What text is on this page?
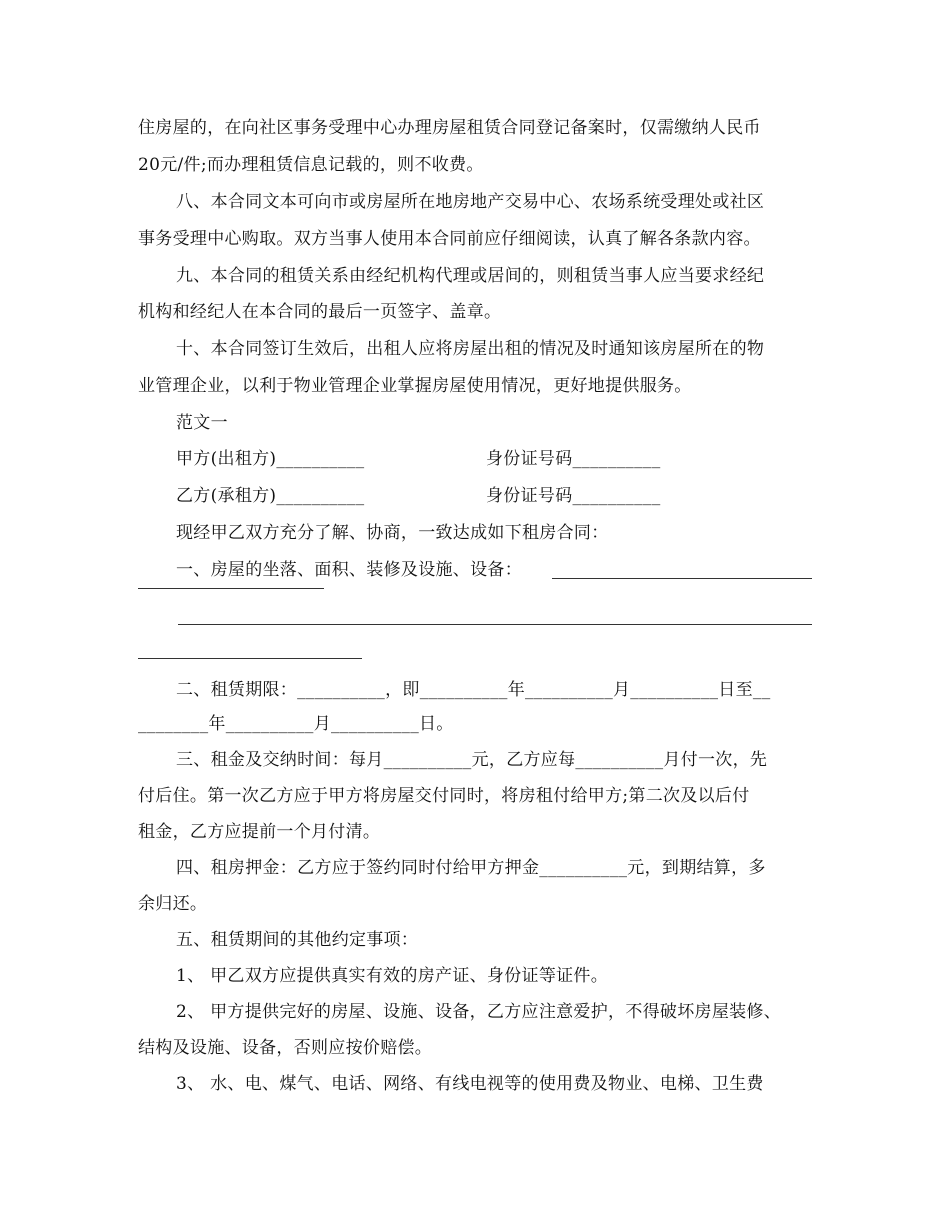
住房屋的，在向社区事务受理中心办理房屋租赁合同登记备案时，仅需缴纳人民币
20元/件;而办理租赁信息记载的，则不收费。
八、本合同文本可向市或房屋所在地房地产交易中心、农场系统受理处或社区
事务受理中心购取。双方当事人使用本合同前应仔细阅读，认真了解各条款内容。
九、本合同的租赁关系由经纪机构代理或居间的，则租赁当事人应当要求经纪
机构和经纪人在本合同的最后一页签字、盖章。
十、本合同签订生效后，出租人应将房屋出租的情况及时通知该房屋所在的物
业管理企业，以利于物业管理企业掌握房屋使用情况，更好地提供服务。
范文一
甲方(出租方)__________	身份证号码__________
乙方(承租方)__________	身份证号码__________
现经甲乙双方充分了解、协商，一致达成如下租房合同：
一、房屋的坐落、面积、装修及设施、设备：
二、租赁期限：__________，即__________年__________月__________日至__
________年__________月__________日。
三、租金及交纳时间：每月__________元，乙方应每__________月付一次，先
付后住。第一次乙方应于甲方将房屋交付同时，将房租付给甲方;第二次及以后付
租金，乙方应提前一个月付清。
四、租房押金：乙方应于签约同时付给甲方押金__________元，到期结算，多
余归还。
五、租赁期间的其他约定事项：
1、 甲乙双方应提供真实有效的房产证、身份证等证件。
2、 甲方提供完好的房屋、设施、设备，乙方应注意爱护，不得破坏房屋装修、
结构及设施、设备，否则应按价赔偿。
3、 水、电、煤气、电话、网络、有线电视等的使用费及物业、电梯、卫生费
